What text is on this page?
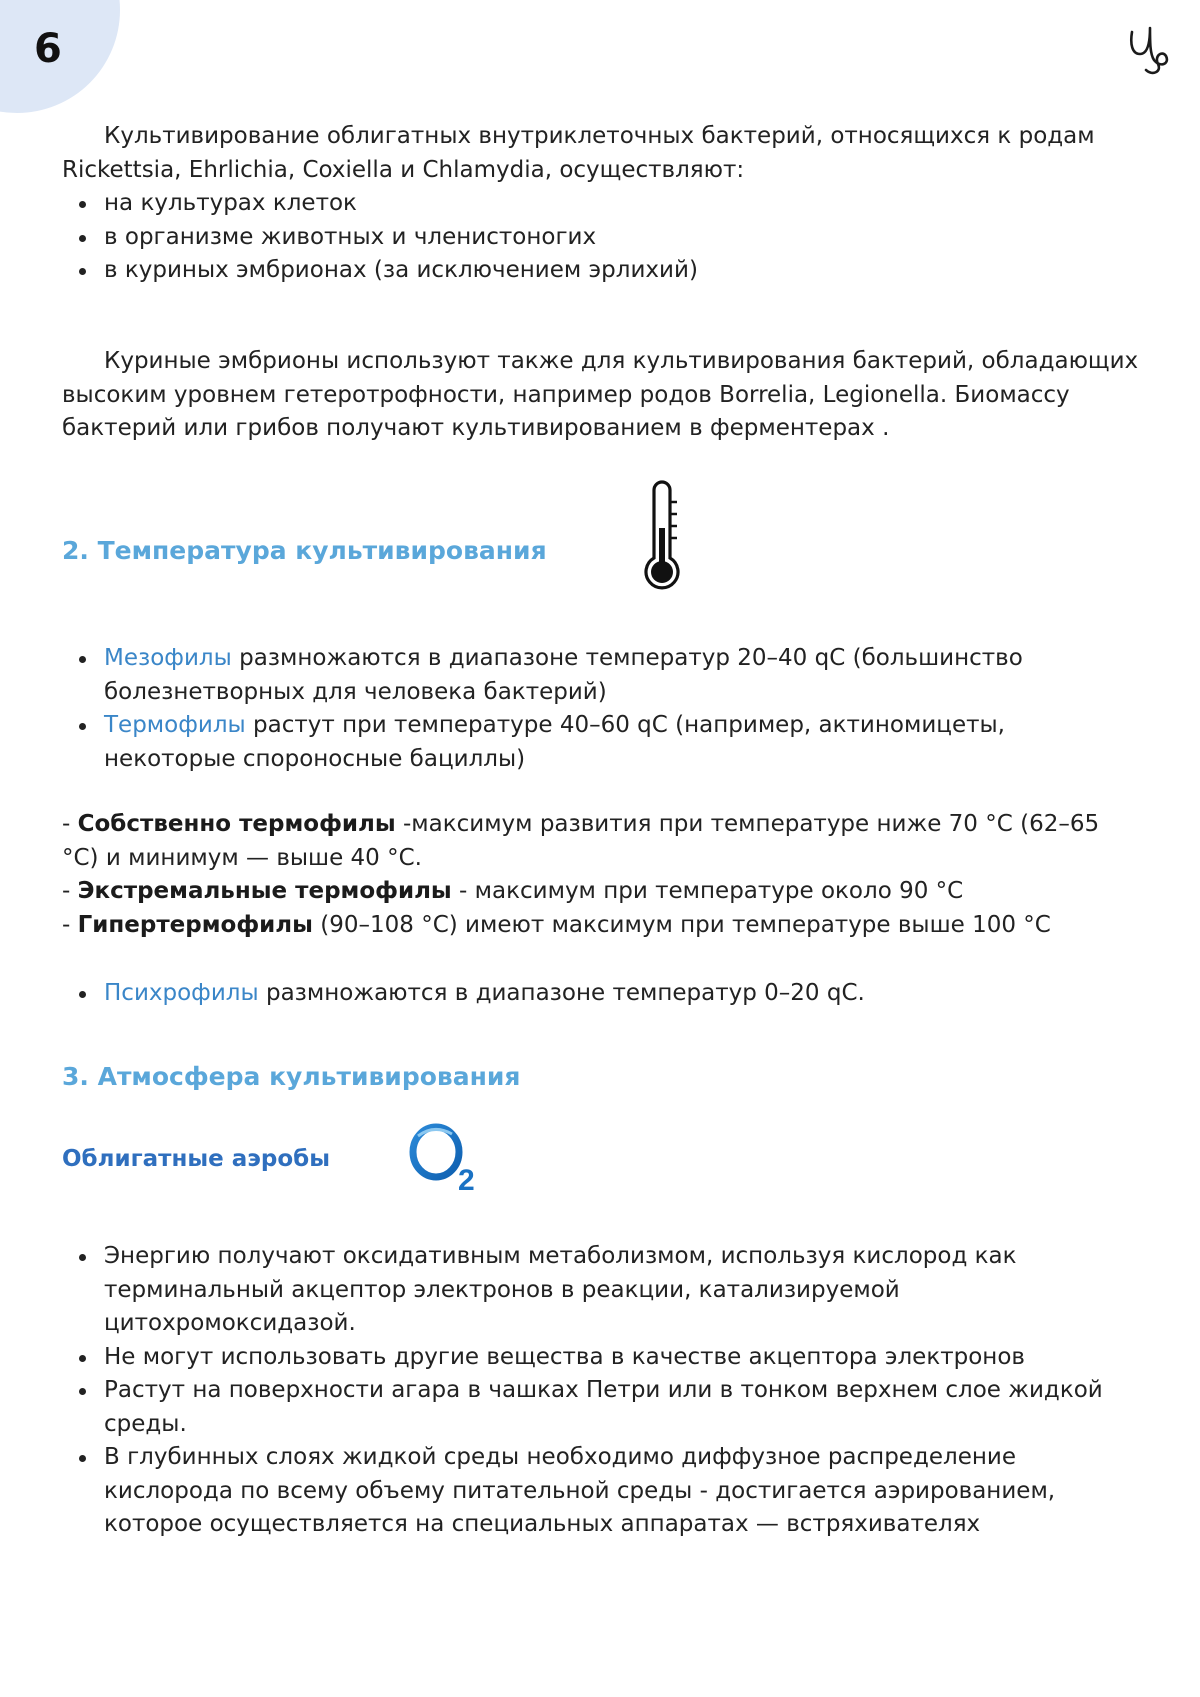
6

Культивирование облигатных внутриклеточных бактерий, относящихся к родам Rickettsia, Ehrlichia, Coxiella и Chlamydia, осуществляют:

на культурах клеток
в организме животных и членистоногих
в куриных эмбрионах (за исключением эрлихий)

Куриные эмбрионы используют также для культивирования бактерий, обладающих высоким уровнем гетеротрофности, например родов Borrelia, Legionella. Биомассу бактерий или грибов получают культивированием в ферментерах .

2. Температура культивирования
Мезофилы размножаются в диапазоне температур 20–40 qC (большинство болезнетворных для человека бактерий)
Термофилы растут при температуре 40–60 qC (например, актиномицеты, некоторые спороносные бациллы)

- Собственно термофилы -максимум развития при температуре ниже 70 °С (62–65 °С) и минимум — выше 40 °С.

- Экстремальные термофилы - максимум при температуре около 90 °С

- Гипертермофилы (90–108 °С) имеют максимум при температуре выше 100 °С

Психрофилы размножаются в диапазоне температур 0–20 qC.
3. Атмосфера культивирования
Облигатные аэробы
2
Энергию получают оксидативным метаболизмом, используя кислород как терминальный акцептор электронов в реакции, катализируемой цитохромоксидазой.
Не могут использовать другие вещества в качестве акцептора электронов
Растут на поверхности агара в чашках Петри или в тонком верхнем слое жидкой среды.
В глубинных слоях жидкой среды необходимо диффузное распределение кислорода по всему объему питательной среды - достигается аэрированием, которое осуществляется на специальных аппаратах — встряхивателях
